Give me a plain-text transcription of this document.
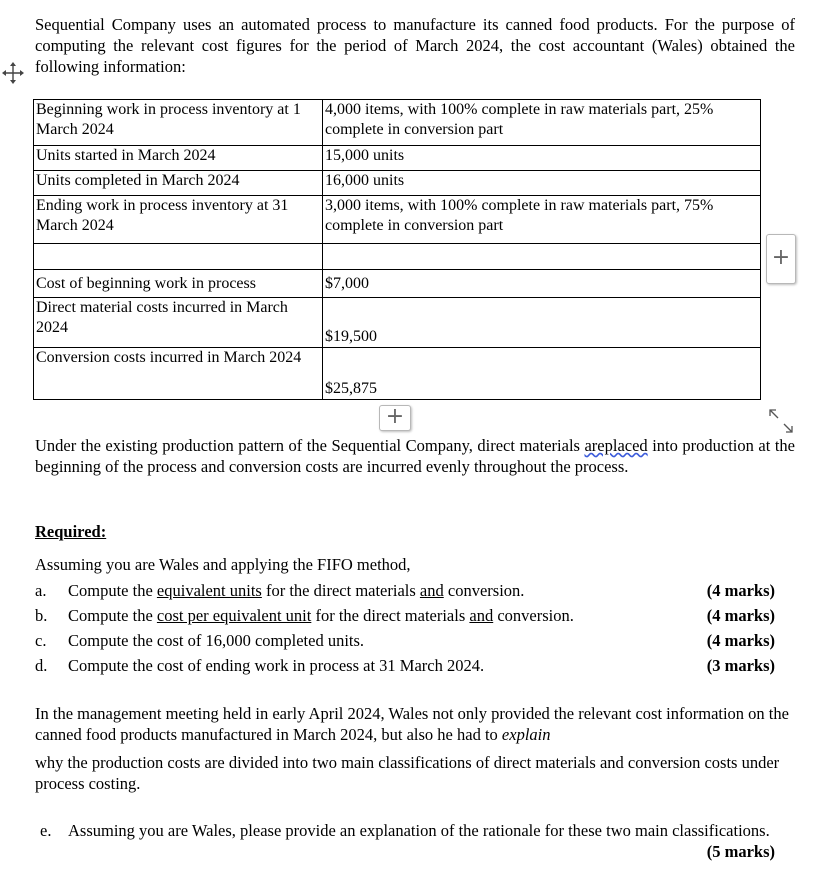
Sequential Company uses an automated process to manufacture its canned food products. For the purpose of computing the relevant cost figures for the period of March 2024, the cost accountant (Wales) obtained the following information:
Beginning work in process inventory at 1 March 2024	4,000 items, with 100% complete in raw materials part, 25% complete in conversion part
Units started in March 2024	15,000 units
Units completed in March 2024	16,000 units
Ending work in process inventory at 31 March 2024	3,000 items, with 100% complete in raw materials part, 75% complete in conversion part

Cost of beginning work in process	$7,000
Direct material costs incurred in March 2024	$19,500
Conversion costs incurred in March 2024	$25,875
+
+
Under the existing production pattern of the Sequential Company, direct materials areplaced into production at the beginning of the process and conversion costs are incurred evenly throughout the process.
Required:
Assuming you are Wales and applying the FIFO method,
a. Compute the equivalent units for the direct materials and conversion.	(4 marks)
b. Compute the cost per equivalent unit for the direct materials and conversion.	(4 marks)
c. Compute the cost of 16,000 completed units.	(4 marks)
d. Compute the cost of ending work in process at 31 March 2024.	(3 marks)
In the management meeting held in early April 2024, Wales not only provided the relevant cost information on the canned food products manufactured in March 2024, but also he had to explain
why the production costs are divided into two main classifications of direct materials and conversion costs under process costing.
e. Assuming you are Wales, please provide an explanation of the rationale for these two main classifications.
(5 marks)
